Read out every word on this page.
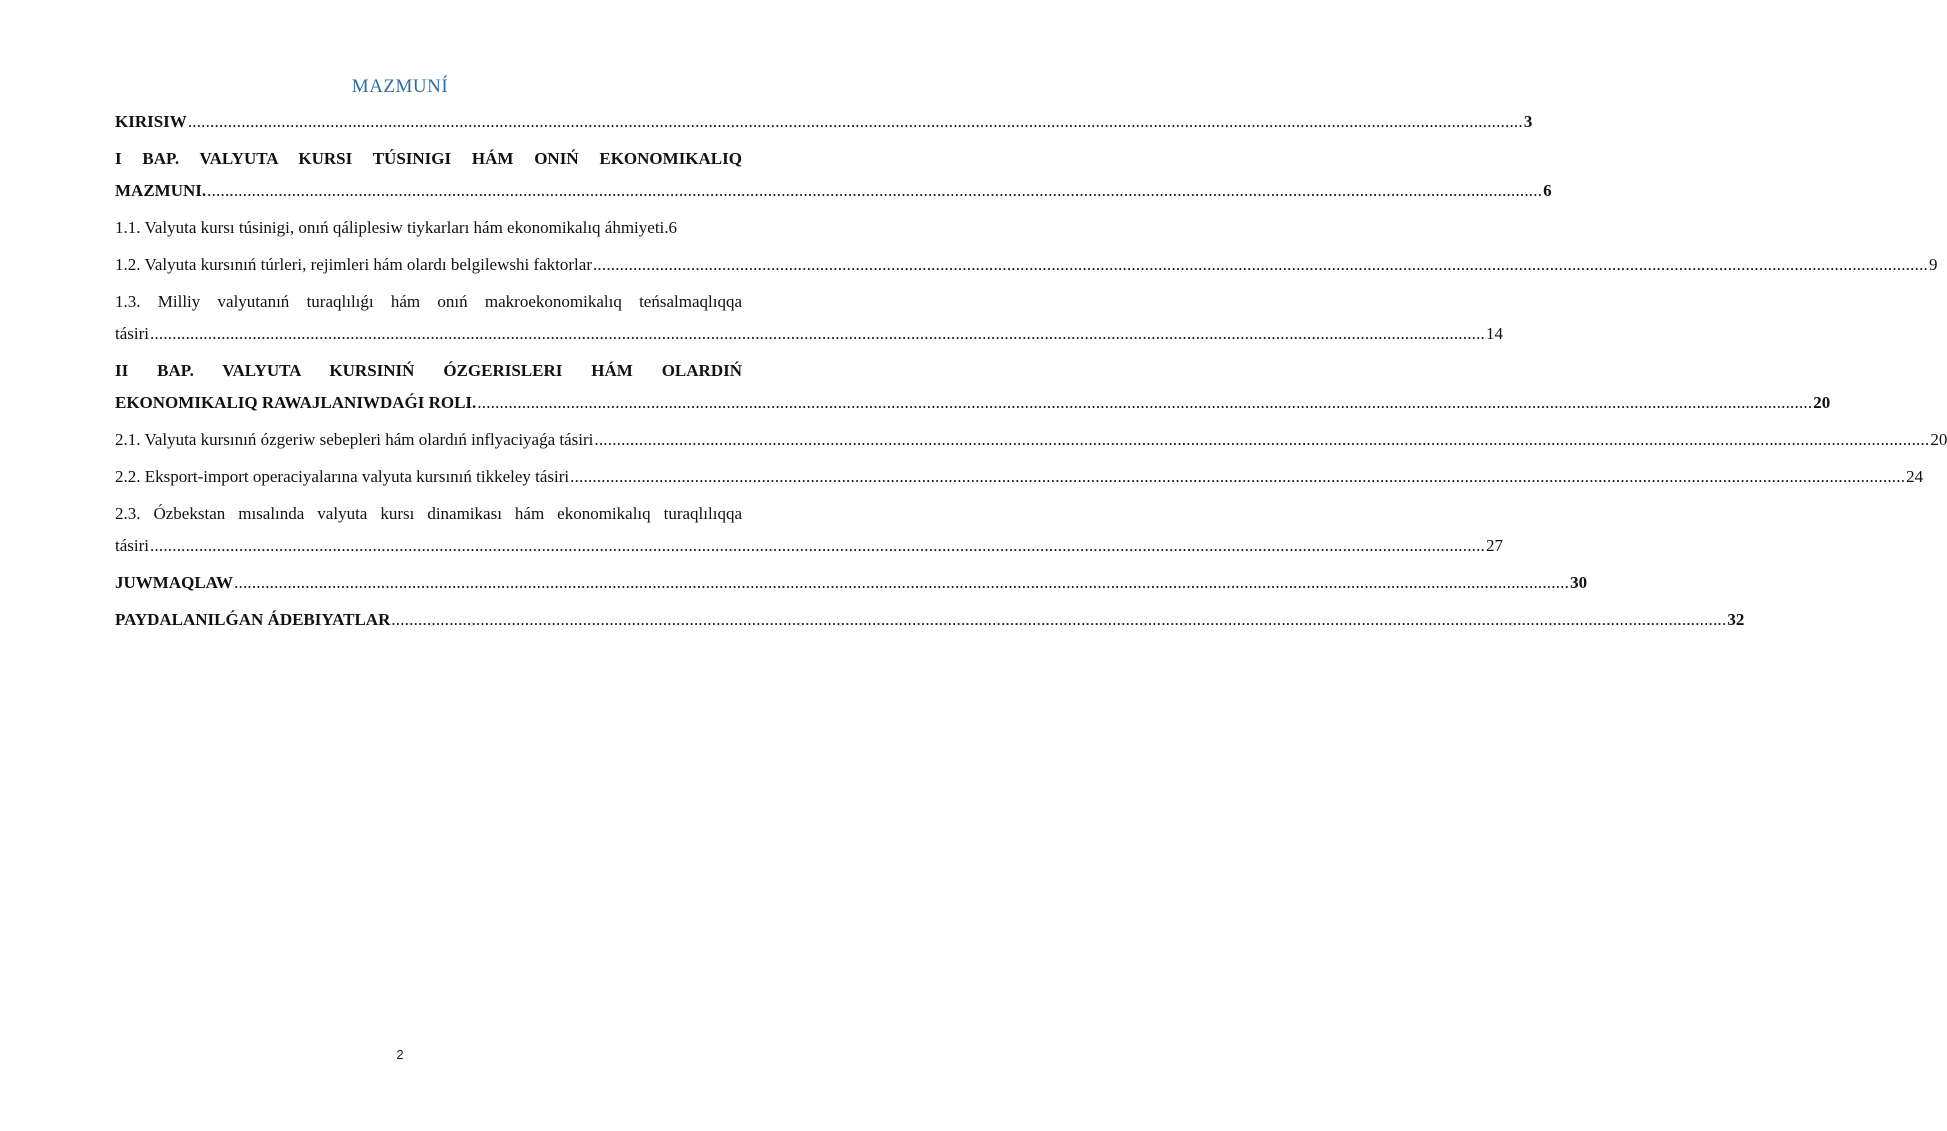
MAZMUNÍ
KIRISIW ............................................................................................................................................................................................................................................................................................................ 3
I BAP. VALYUTA KURSI TÚSINIGI HÁM ONIŃ EKONOMIKALIQ
MAZMUNI. ............................................................................................................................................................................................................................................................................................................ 6
1.1. Valyuta kursı túsinigi, onıń qáliplesiw tiykarları hám ekonomikalıq áhmiyeti. 6
1.2. Valyuta kursınıń túrleri, rejimleri hám olardı belgilewshi faktorlar ............................................................................................................................................................................................................................................................................................................ 9
1.3. Milliy valyutanıń turaqlılıǵı hám onıń makroekonomikalıq teńsalmaqlıqqa
tásiri ............................................................................................................................................................................................................................................................................................................ 14
II BAP. VALYUTA KURSINIŃ ÓZGERISLERI HÁM OLARDIŃ
EKONOMIKALIQ RAWAJLANIWDAǴI ROLI. ............................................................................................................................................................................................................................................................................................................ 20
2.1. Valyuta kursınıń ózgeriw sebepleri hám olardıń inflyaciyaǵa tásiri ............................................................................................................................................................................................................................................................................................................ 20
2.2. Eksport-import operaciyalarına valyuta kursınıń tikkeley tásiri ............................................................................................................................................................................................................................................................................................................ 24
2.3. Ózbekstan mısalında valyuta kursı dinamikası hám ekonomikalıq turaqlılıqqa
tásiri ............................................................................................................................................................................................................................................................................................................ 27
JUWMAQLAW ............................................................................................................................................................................................................................................................................................................ 30
PAYDALANILǴAN ÁDEBIYATLAR ............................................................................................................................................................................................................................................................................................................ 32
2
